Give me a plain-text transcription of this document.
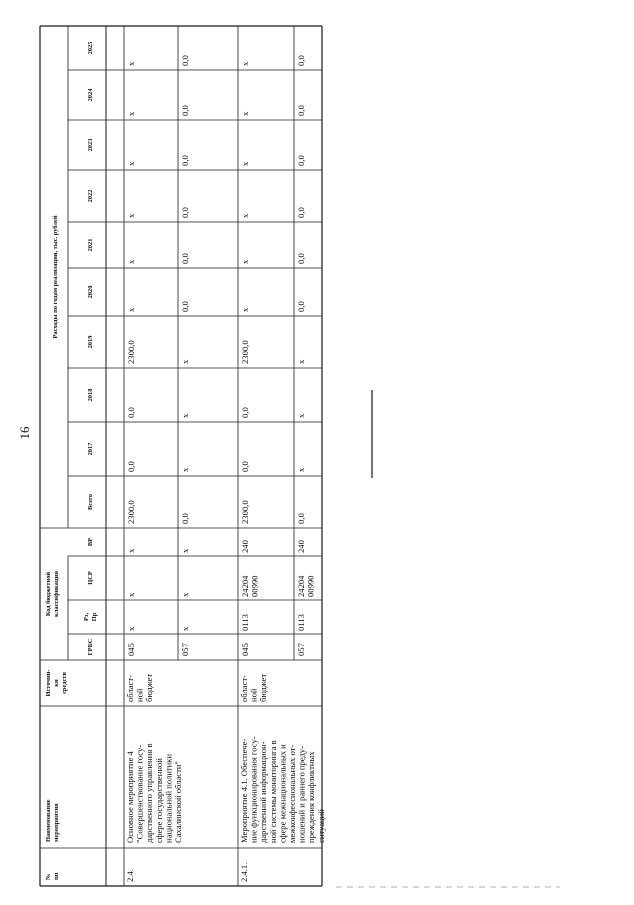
16
№пп
Наименованиемероприятия
Источни-кисредств
Код бюджетнойклассификации
ГРБС
Рз,Пр
ЦСР
ВР
Расходы по годам реализации, тыс. рублей
Всего
2017
2018
2019
2020
2021
2022
2023
2024
2025
2.4.
Основное мероприятие 4"Совершенствование госу-дарственного управления всфере государственнойнациональной политикиСахалинской области"
област-нойбюджет
045
х
х
х
2300,0
0,0
0,0
2300,0
х
х
х
х
х
х
057
х
х
х
0,0
х
х
х
0,0
0,0
0,0
0,0
0,0
0,0
2.4.1.
Мероприятие 4.1. Обеспече-ние функционирования госу-дарственной информацион-ной системы мониторинга всфере межнациональных имежконфессиональных от-ношений и раннего преду-преждения конфликтныхситуаций
област-нойбюджет
045
0113
2420400990
240
2300,0
0,0
0,0
2300,0
х
х
х
х
х
х
057
0113
2420400990
240
0,0
х
х
х
0,0
0,0
0,0
0,0
0,0
0,0
